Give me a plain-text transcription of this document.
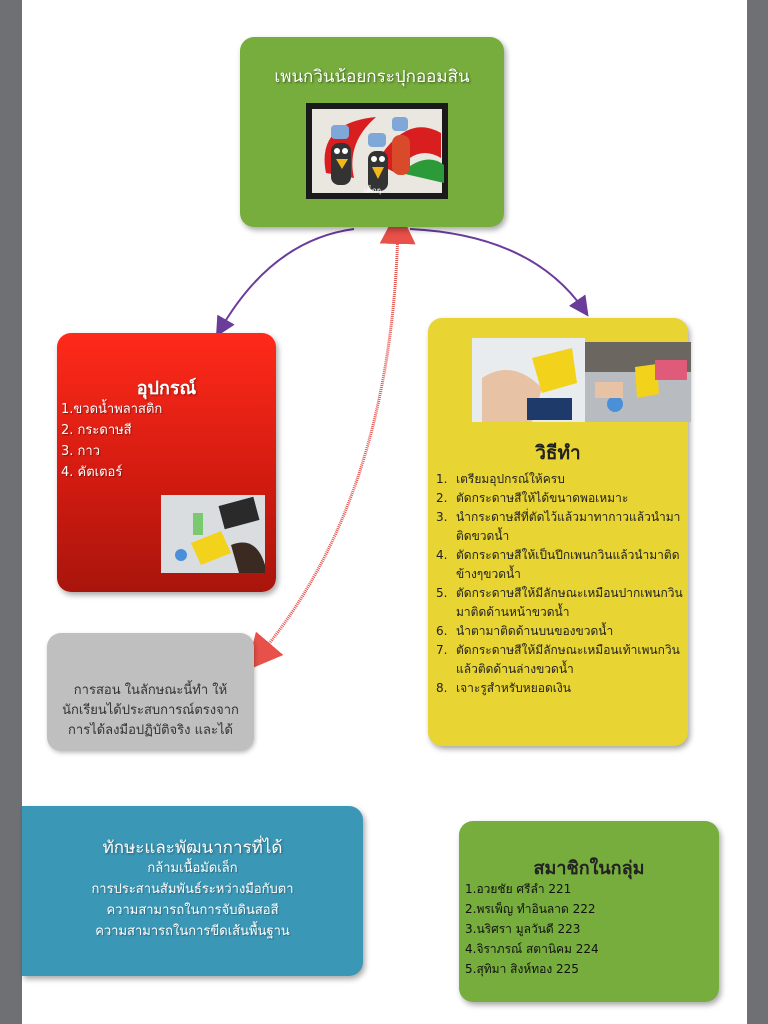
เพนกวินน้อยกระปุกออมสิน
เด็กๆ
อุปกรณ์
1.ขวดน้ำพลาสติก
2. กระดาษสี
3. กาว
4. คัตเตอร์
วิธีทำ
1. เตรียมอุปกรณ์ให้ครบ
2. ตัดกระดาษสีให้ได้ขนาดพอเหมาะ
3. นำกระดาษสีที่ตัดไว้แล้วมาทากาวแล้วนำมาติดขวดน้ำ
4. ตัดกระดาษสีให้เป็นปีกเพนกวินแล้วนำมาติดข้างๆขวดน้ำ
5. ตัดกระดาษสีให้มีลักษณะเหมือนปากเพนกวินมาติดด้านหน้าขวดน้ำ
6. นำตามาติดด้านบนของขวดน้ำ
7. ตัดกระดาษสีให้มีลักษณะเหมือนเท้าเพนกวินแล้วติดด้านล่างขวดน้ำ
8. เจาะรูสำหรับหยอดเงิน
การสอน ในลักษณะนี้ทำ ให้นักเรียนได้ประสบการณ์ตรงจากการได้ลงมือปฏิบัติจริง และได้
ทักษะและพัฒนาการที่ได้
กล้ามเนื้อมัดเล็ก
การประสานสัมพันธ์ระหว่างมือกับตา
ความสามารถในการจับดินสอสี
ความสามารถในการขีดเส้นพื้นฐาน
สมาชิกในกลุ่ม
1.อวยชัย ศรีลำ 221
2.พรเพ็ญ ทำอินลาด 222
3.นริศรา มูลวันดี 223
4.จิราภรณ์ สตานิคม 224
5.สุทิมา สิงห์ทอง 225
